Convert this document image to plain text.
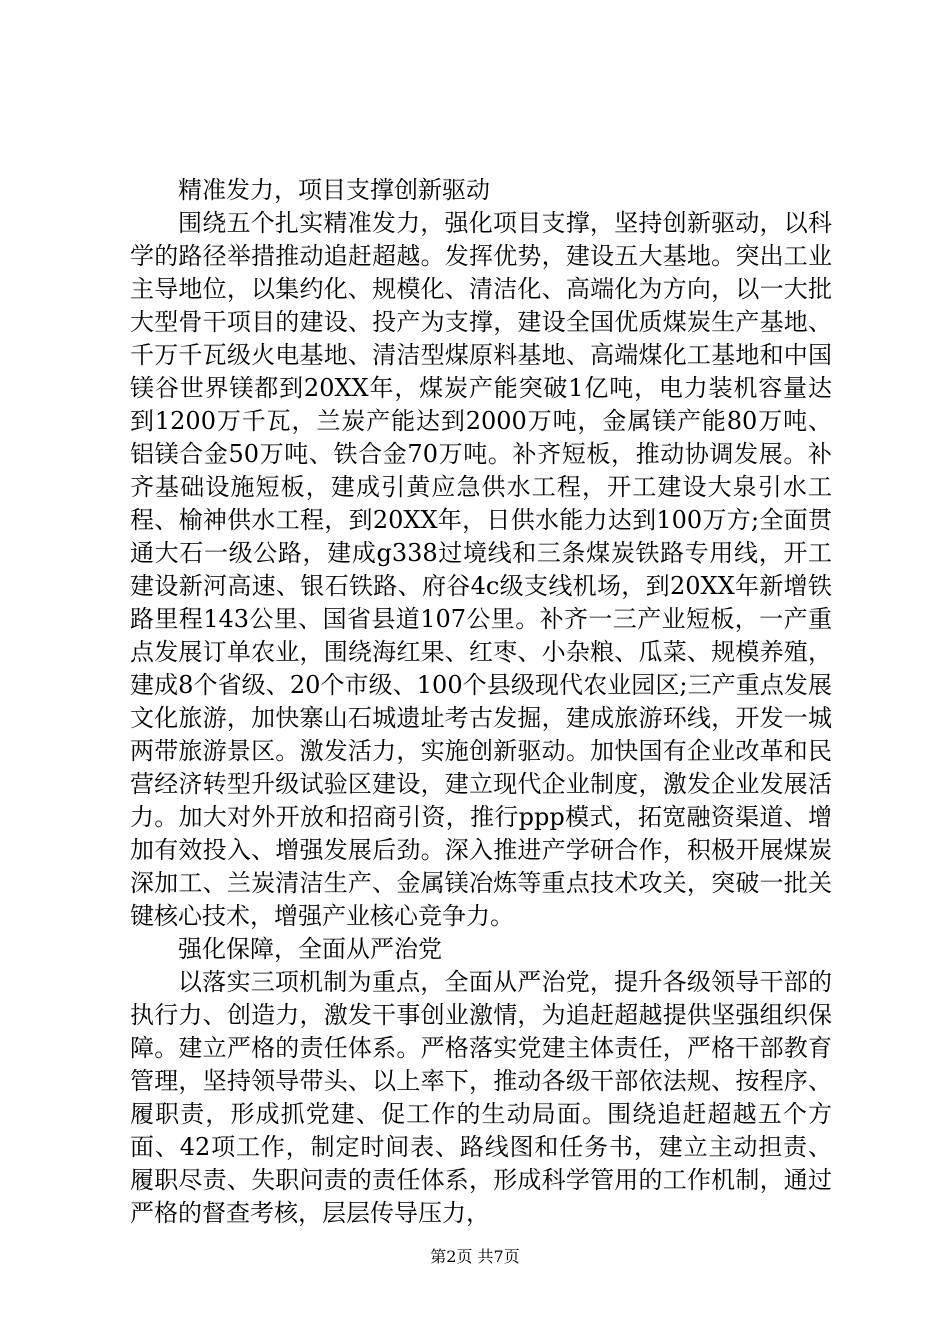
精准发力，项目支撑创新驱动

围绕五个扎实精准发力，强化项目支撑，坚持创新驱动，以科学的路径举措推动追赶超越。发挥优势，建设五大基地。突出工业主导地位，以集约化、规模化、清洁化、高端化为方向，以一大批大型骨干项目的建设、投产为支撑，建设全国优质煤炭生产基地、千万千瓦级火电基地、清洁型煤原料基地、高端煤化工基地和中国镁谷世界镁都到20XX年，煤炭产能突破1亿吨，电力装机容量达到1200万千瓦，兰炭产能达到2000万吨，金属镁产能80万吨、铝镁合金50万吨、铁合金70万吨。补齐短板，推动协调发展。补齐基础设施短板，建成引黄应急供水工程，开工建设大泉引水工程、榆神供水工程，到20XX年，日供水能力达到100万方;全面贯通大石一级公路，建成g338过境线和三条煤炭铁路专用线，开工建设新河高速、银石铁路、府谷4c级支线机场，到20XX年新增铁路里程143公里、国省县道107公里。补齐一三产业短板，一产重点发展订单农业，围绕海红果、红枣、小杂粮、瓜菜、规模养殖，建成8个省级、20个市级、100个县级现代农业园区;三产重点发展文化旅游，加快寨山石城遗址考古发掘，建成旅游环线，开发一城两带旅游景区。激发活力，实施创新驱动。加快国有企业改革和民营经济转型升级试验区建设，建立现代企业制度，激发企业发展活力。加大对外开放和招商引资，推行ppp模式，拓宽融资渠道、增加有效投入、增强发展后劲。深入推进产学研合作，积极开展煤炭深加工、兰炭清洁生产、金属镁冶炼等重点技术攻关，突破一批关键核心技术，增强产业核心竞争力。

强化保障，全面从严治党

以落实三项机制为重点，全面从严治党，提升各级领导干部的执行力、创造力，激发干事创业激情，为追赶超越提供坚强组织保障。建立严格的责任体系。严格落实党建主体责任，严格干部教育管理，坚持领导带头、以上率下，推动各级干部依法规、按程序、履职责，形成抓党建、促工作的生动局面。围绕追赶超越五个方面、42项工作，制定时间表、路线图和任务书，建立主动担责、履职尽责、失职问责的责任体系，形成科学管用的工作机制，通过严格的督查考核，层层传导压力，

第2页 共7页
